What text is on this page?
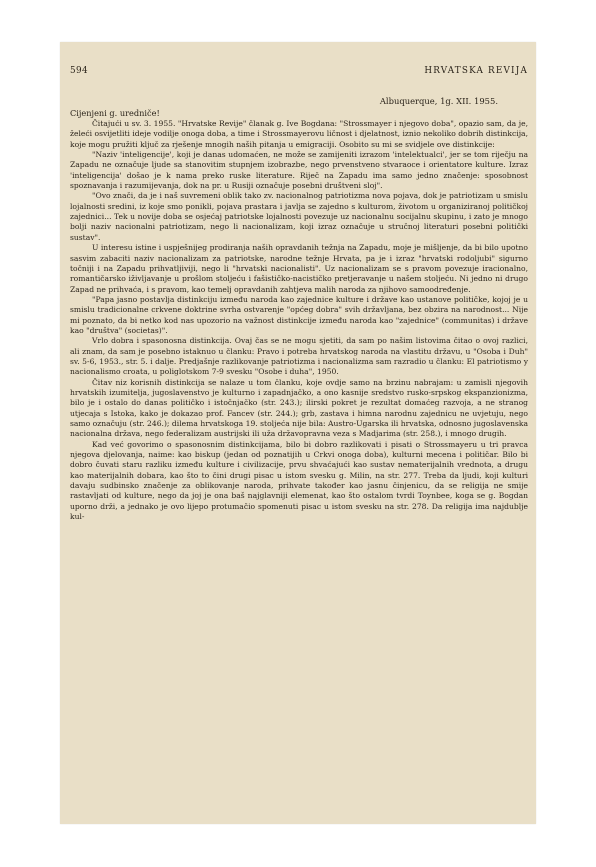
594	HRVATSKA REVIJA

Albuquerque, 1g. XII. 1955.

Cijenjeni g. uredniče!

Čitajući u sv. 3. 1955. "Hrvatske Revije" članak g. Ive Bogdana: "Strossmayer i njegovo doba", opazio sam, da je, želeći osvijetliti ideje vodilje onoga doba, a time i Strossmayerovu ličnost i djelatnost, iznio nekoliko dobrih distinkcija, koje mogu pružiti ključ za rješenje mnogih naših pitanja u emigraciji. Osobito su mi se svidjele ove distinkcije:

"Naziv 'inteligencije', koji je danas udomaćen, ne može se zamijeniti izrazom 'intelektualci', jer se tom riječju na Zapadu ne označuje ljude sa stanovitim stupnjem izobrazbe, nego prvenstveno stvaraoce i orientatore kulture. Izraz 'inteligencija' došao je k nama preko ruske literature. Riječ na Zapadu ima samo jedno značenje: sposobnost spoznavanja i razumijevanja, dok na pr. u Rusiji označuje posebni društveni sloj".

"Ovo znači, da je i naš suvremeni oblik tako zv. nacionalnog patriotizma nova pojava, dok je patriotizam u smislu lojalnosti sredini, iz koje smo ponikli, pojava prastara i javlja se zajedno s kulturom, životom u organiziranoj političkoj zajednici... Tek u novije doba se osjećaj patriotske lojalnosti povezuje uz nacionalnu socijalnu skupinu, i zato je mnogo bolji naziv nacionalni patriotizam, nego li nacionalizam, koji izraz označuje u stručnoj literaturi posebni politički sustav".

U interesu istine i uspješnijeg prodiranja naših opravdanih težnja na Zapadu, moje je mišljenje, da bi bilo upotno sasvim zabaciti naziv nacionalizam za patriotske, narodne težnje Hrvata, pa je i izraz "hrvatski rodoljubi" sigurno točniji i na Zapadu prihvatljiviji, nego li "hrvatski nacionalisti". Uz nacionalizam se s pravom povezuje iracionalno, romantičarsko iživljavanje u prošlom stoljeću i fašističko-nacističko pretjeravanje u našem stoljeću. Ni jedno ni drugo Zapad ne prihvaća, i s pravom, kao temelj opravdanih zahtjeva malih naroda za njihovo samoodređenje.

"Papa jasno postavlja distinkciju između naroda kao zajednice kulture i države kao ustanove političke, kojoj je u smislu tradicionalne crkvene doktrine svrha ostvarenje "općeg dobra" svih državljana, bez obzira na narodnost... Nije mi poznato, da bi netko kod nas upozorio na važnost distinkcije između naroda kao "zajednice" (communitas) i države kao "društva" (societas)".

Vrlo dobra i spasonosna distinkcija. Ovaj čas se ne mogu sjetiti, da sam po našim listovima čitao o ovoj razlici, ali znam, da sam je posebno istaknuo u članku: Pravo i potreba hrvatskog naroda na vlastitu državu, u "Osoba i Duh" sv. 5-6, 1953., str. 5. i dalje. Predjašnje razlikovanje patriotizma i nacionalizma sam razradio u članku: El patriotismo y nacionalismo croata, u poliglotskom 7-9 svesku "Osobe i duha", 1950.

Čitav niz korisnih distinkcija se nalaze u tom članku, koje ovdje samo na brzinu nabrajam: u zamisli njegovih hrvatskih izumitelja, jugoslavenstvo je kulturno i zapadnjačko, a ono kasnije sredstvo rusko-srpskog ekspanzionizma, bilo je i ostalo do danas političko i istočnjačko (str. 243.); ilirski pokret je rezultat domaćeg razvoja, a ne stranog utjecaja s Istoka, kako je dokazao prof. Fancev (str. 244.); grb, zastava i himna narodnu zajednicu ne uvjetuju, nego samo označuju (str. 246.); dilema hrvatskoga 19. stoljeća nije bila: Austro-Ugarska ili hrvatska, odnosno jugoslavenska nacionalna država, nego federalizam austrijski ili uža državopravna veza s Madjarima (str. 258.), i mnogo drugih.

Kad već govorimo o spasonosnim distinkcijama, bilo bi dobro razlikovati i pisati o Strossmayeru u tri pravca njegova djelovanja, naime: kao biskup (jedan od poznatijih u Crkvi onoga doba), kulturni mecena i političar. Bilo bi dobro čuvati staru razliku između kulture i civilizacije, prvu shvaćajući kao sustav nematerijalnih vrednota, a drugu kao materijalnih dobara, kao što to čini drugi pisac u istom svesku g. Milin, na str. 277. Treba da ljudi, koji kulturi davaju sudbinsko značenje za oblikovanje naroda, prihvate također kao jasnu činjenicu, da se religija ne smije rastavljati od kulture, nego da joj je ona baš najglavniji elemenat, kao što ostalom tvrdi Toynbee, koga se g. Bogdan uporno drži, a jednako je ovo lijepo protumačio spomenuti pisac u istom svesku na str. 278. Da religija ima najdublje kul-
